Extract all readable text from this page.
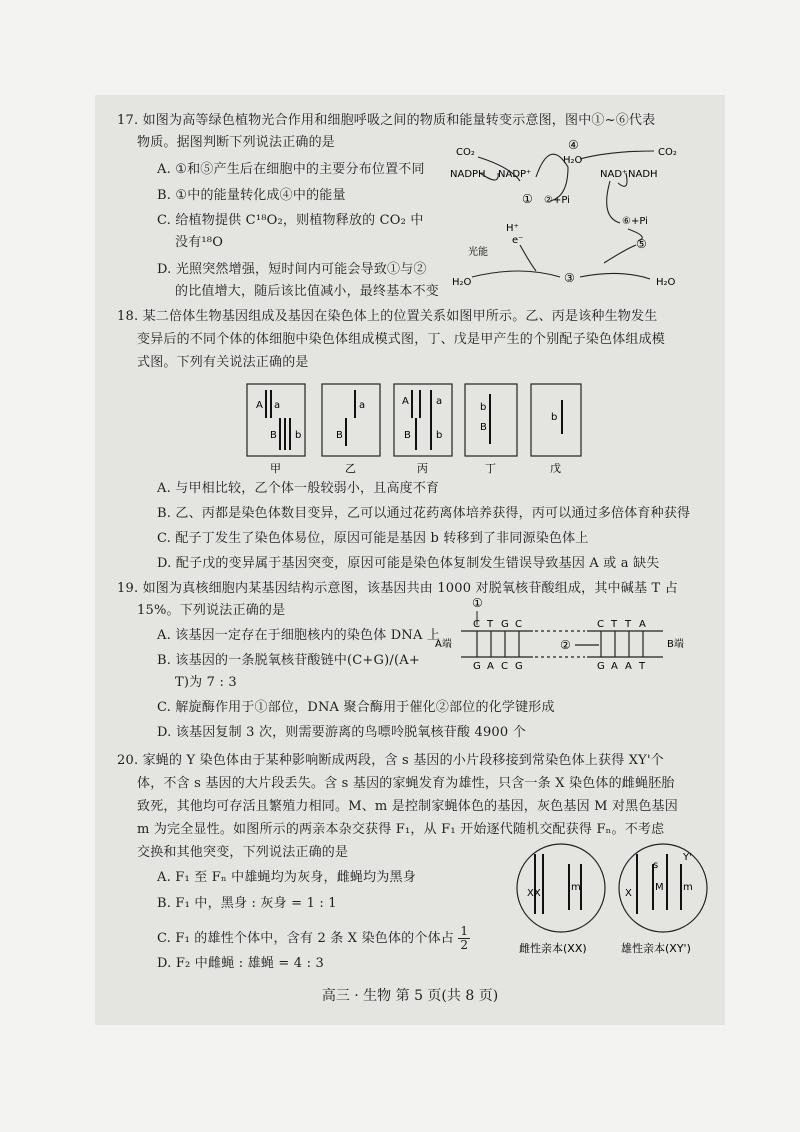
17. 如图为高等绿色植物光合作用和细胞呼吸之间的物质和能量转变示意图，图中①~⑥代表
物质。据图判断下列说法正确的是
A. ①和⑤产生后在细胞中的主要分布位置不同
B. ①中的能量转化成④中的能量
C. 给植物提供 C¹⁸O₂，则植物释放的 CO₂ 中
没有¹⁸O
D. 光照突然增强，短时间内可能会导致①与②
的比值增大，随后该比值减小，最终基本不变
CO₂	CO₂
④
H₂O
NADPH NADP⁺
① ②+Pi
NAD⁺ NADH
⑥+Pi
⑤
H⁺
e⁻
光能
H₂O	③	H₂O
18. 某二倍体生物基因组成及基因在染色体上的位置关系如图甲所示。乙、丙是该种生物发生
变异后的不同个体的体细胞中染色体组成模式图，丁、戊是甲产生的个别配子染色体组成模
式图。下列有关说法正确的是
A a
B b
a
B
A	a
B	b
b
B
b
甲	乙	丙	丁	戊
A. 与甲相比较，乙个体一般较弱小，且高度不育
B. 乙、丙都是染色体数目变异，乙可以通过花药离体培养获得，丙可以通过多倍体育种获得
C. 配子丁发生了染色体易位，原因可能是基因 b 转移到了非同源染色体上
D. 配子戊的变异属于基因突变，原因可能是染色体复制发生错误导致基因 A 或 a 缺失
19. 如图为真核细胞内某基因结构示意图，该基因共由 1000 对脱氧核苷酸组成，其中碱基 T 占
15%。下列说法正确的是
A. 该基因一定存在于细胞核内的染色体 DNA 上
B. 该基因的一条脱氧核苷酸链中(C+G)/(A+
T)为 7 : 3
C. 解旋酶作用于①部位，DNA 聚合酶用于催化②部位的化学键形成
D. 该基因复制 3 次，则需要游离的鸟嘌呤脱氧核苷酸 4900 个
①
A端	B端
②
C T G C
G A C G
C T T A
G A A T
20. 家蝇的 Y 染色体由于某种影响断成两段，含 s 基因的小片段移接到常染色体上获得 XY'个
体，不含 s 基因的大片段丢失。含 s 基因的家蝇发育为雄性，只含一条 X 染色体的雌蝇胚胎
致死，其他均可存活且繁殖力相同。M、m 是控制家蝇体色的基因，灰色基因 M 对黑色基因
m 为完全显性。如图所示的两亲本杂交获得 F₁，从 F₁ 开始逐代随机交配获得 Fₙ。不考虑
交换和其他突变，下列说法正确的是
A. F₁ 至 Fₙ 中雄蝇均为灰身，雌蝇均为黑身
B. F₁ 中，黑身 : 灰身 = 1 : 1
C. F₁ 的雄性个体中，含有 2 条 X 染色体的个体占 $\frac{1}{2}$
D. F₂ 中雌蝇 : 雄蝇 = 4 : 3
XX
m
X
s
M m
Y'
雌性亲本(XX)	雄性亲本(XY')
高三 · 生物 第 5 页(共 8 页)
